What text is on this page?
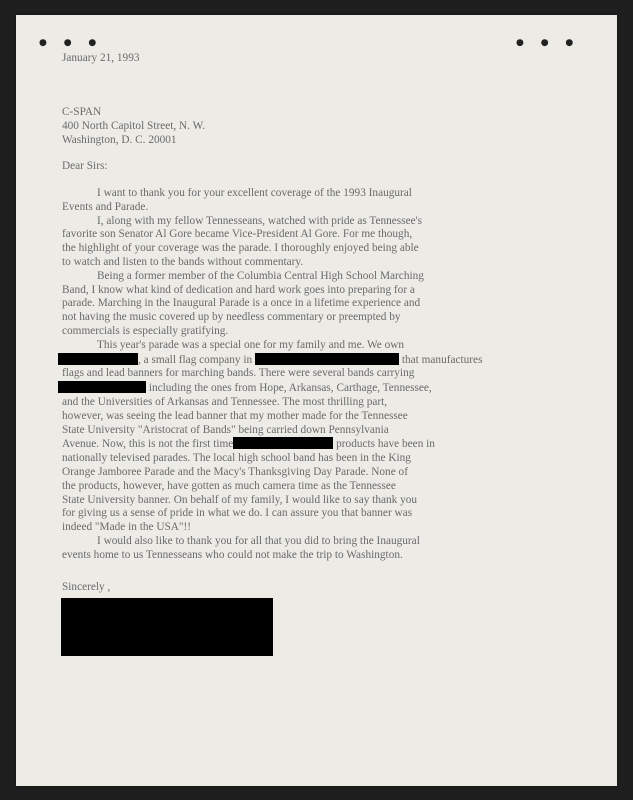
● ● ●	● ● ●
January 21, 1993
C-SPAN
400 North Capitol Street, N. W.
Washington, D. C. 20001
Dear Sirs:
I want to thank you for your excellent coverage of the 1993 Inaugural
Events and Parade.
I, along with my fellow Tennesseans, watched with pride as Tennessee's
favorite son Senator Al Gore became Vice-President Al Gore. For me though,
the highlight of your coverage was the parade. I thoroughly enjoyed being able
to watch and listen to the bands without commentary.
Being a former member of the Columbia Central High School Marching
Band, I know what kind of dedication and hard work goes into preparing for a
parade. Marching in the Inaugural Parade is a once in a lifetime experience and
not having the music covered up by needless commentary or preempted by
commercials is especially gratifying.
This year's parade was a special one for my family and me. We own
, a small flag company in	that manufactures
flags and lead banners for marching bands. There were several bands carrying
including the ones from Hope, Arkansas, Carthage, Tennessee,
and the Universities of Arkansas and Tennessee. The most thrilling part,
however, was seeing the lead banner that my mother made for the Tennessee
State University "Aristocrat of Bands" being carried down Pennsylvania
Avenue. Now, this is not the first time	products have been in
nationally televised parades. The local high school band has been in the King
Orange Jamboree Parade and the Macy's Thanksgiving Day Parade. None of
the products, however, have gotten as much camera time as the Tennessee
State University banner. On behalf of my family, I would like to say thank you
for giving us a sense of pride in what we do. I can assure you that banner was
indeed "Made in the USA"!!
I would also like to thank you for all that you did to bring the Inaugural
events home to us Tennesseans who could not make the trip to Washington.
Sincerely ,
